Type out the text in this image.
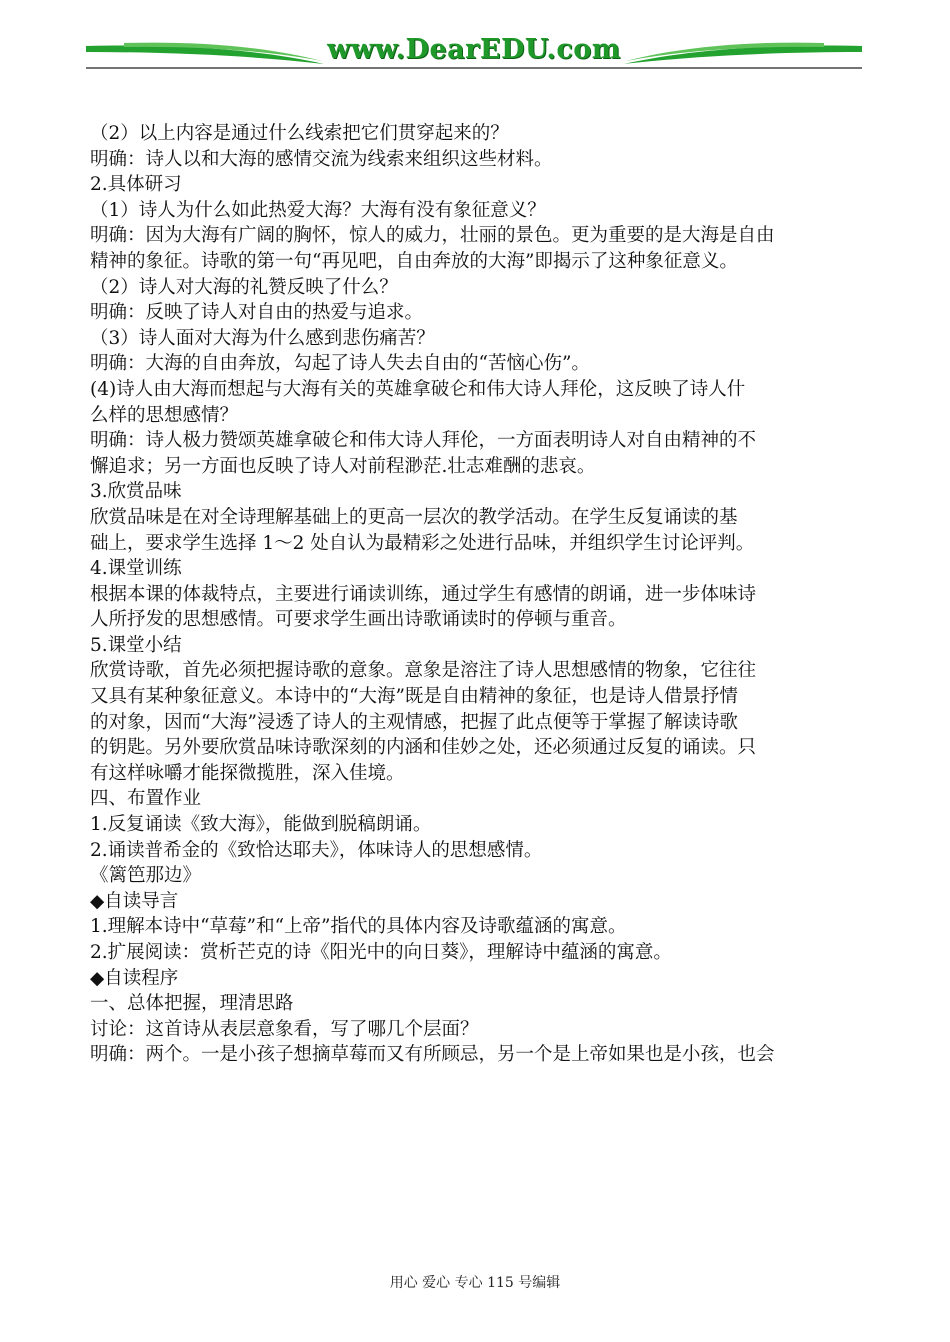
www.DearEDU.com
（2）以上内容是通过什么线索把它们贯穿起来的？
明确：诗人以和大海的感情交流为线索来组织这些材料。
2.具体研习
（1）诗人为什么如此热爱大海？大海有没有象征意义？
明确：因为大海有广阔的胸怀，惊人的威力，壮丽的景色。更为重要的是大海是自由
精神的象征。诗歌的第一句“再见吧，自由奔放的大海”即揭示了这种象征意义。
（2）诗人对大海的礼赞反映了什么？
明确：反映了诗人对自由的热爱与追求。
（3）诗人面对大海为什么感到悲伤痛苦？
明确：大海的自由奔放，勾起了诗人失去自由的“苦恼心伤”。
(4)诗人由大海而想起与大海有关的英雄拿破仑和伟大诗人拜伦，这反映了诗人什
么样的思想感情？
明确：诗人极力赞颂英雄拿破仑和伟大诗人拜伦，一方面表明诗人对自由精神的不
懈追求；另一方面也反映了诗人对前程渺茫.壮志难酬的悲哀。
3.欣赏品味
欣赏品味是在对全诗理解基础上的更高一层次的教学活动。在学生反复诵读的基
础上，要求学生选择 1～2 处自认为最精彩之处进行品味，并组织学生讨论评判。
4.课堂训练
根据本课的体裁特点，主要进行诵读训练，通过学生有感情的朗诵，进一步体味诗
人所抒发的思想感情。可要求学生画出诗歌诵读时的停顿与重音。
5.课堂小结
欣赏诗歌，首先必须把握诗歌的意象。意象是溶注了诗人思想感情的物象，它往往
又具有某种象征意义。本诗中的“大海”既是自由精神的象征，也是诗人借景抒情
的对象，因而“大海”浸透了诗人的主观情感，把握了此点便等于掌握了解读诗歌
的钥匙。另外要欣赏品味诗歌深刻的内涵和佳妙之处，还必须通过反复的诵读。只
有这样咏嚼才能探微揽胜，深入佳境。
四、布置作业
1.反复诵读《致大海》，能做到脱稿朗诵。
2.诵读普希金的《致恰达耶夫》，体味诗人的思想感情。
《篱笆那边》
◆自读导言
1.理解本诗中“草莓”和“上帝”指代的具体内容及诗歌蕴涵的寓意。
2.扩展阅读：赏析芒克的诗《阳光中的向日葵》，理解诗中蕴涵的寓意。
◆自读程序
一、总体把握，理清思路
讨论：这首诗从表层意象看，写了哪几个层面？
明确：两个。一是小孩子想摘草莓而又有所顾忌，另一个是上帝如果也是小孩，也会
用心 爱心 专心 115 号编辑
